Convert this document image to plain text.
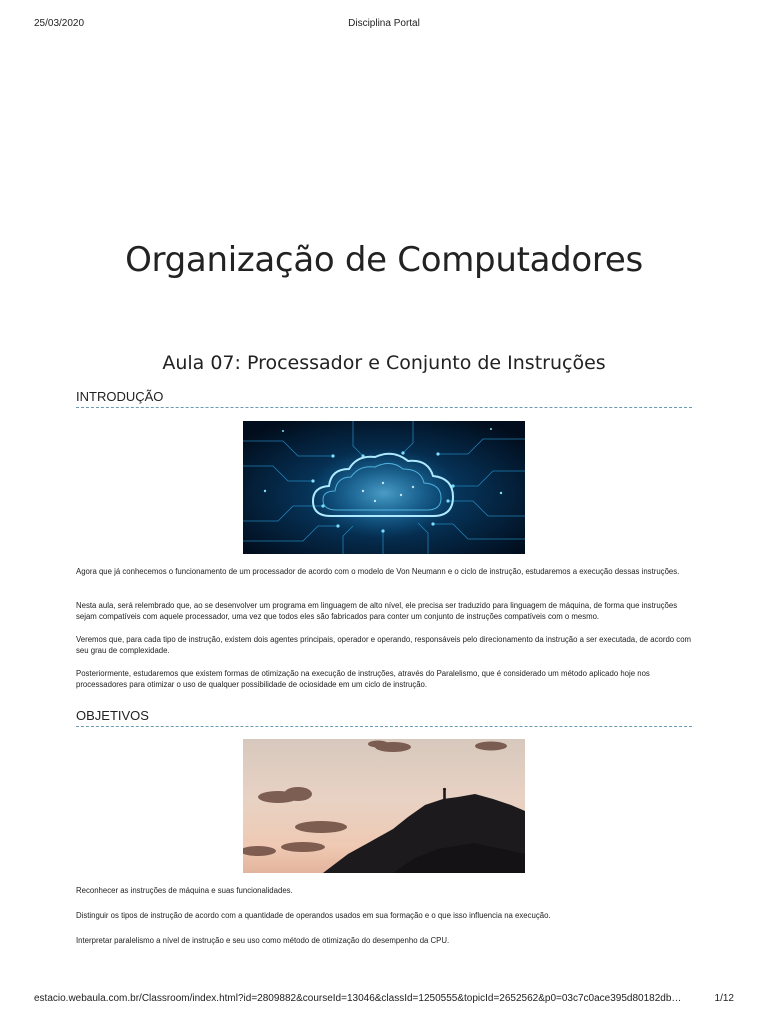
25/03/2020	Disciplina Portal
Organização de Computadores
Aula 07: Processador e Conjunto de Instruções
INTRODUÇÃO

Agora que já conhecemos o funcionamento de um processador de acordo com o modelo de Von Neumann e o ciclo de instrução, estudaremos a execução dessas instruções.

Nesta aula, será relembrado que, ao se desenvolver um programa em linguagem de alto nível, ele precisa ser traduzido para linguagem de máquina, de forma que instruções sejam compatíveis com aquele processador, uma vez que todos eles são fabricados para conter um conjunto de instruções compatíveis com o mesmo.

Veremos que, para cada tipo de instrução, existem dois agentes principais, operador e operando, responsáveis pelo direcionamento da instrução a ser executada, de acordo com seu grau de complexidade.

Posteriormente, estudaremos que existem formas de otimização na execução de instruções, através do Paralelismo, que é considerado um método aplicado hoje nos processadores para otimizar o uso de qualquer possibilidade de ociosidade em um ciclo de instrução.

OBJETIVOS

Reconhecer as instruções de máquina e suas funcionalidades.

Distinguir os tipos de instrução de acordo com a quantidade de operandos usados em sua formação e o que isso influencia na execução.

Interpretar paralelismo a nível de instrução e seu uso como método de otimização do desempenho da CPU.

estacio.webaula.com.br/Classroom/index.html?id=2809882&courseId=13046&classId=1250555&topicId=2652562&p0=03c7c0ace395d80182db…	1/12
